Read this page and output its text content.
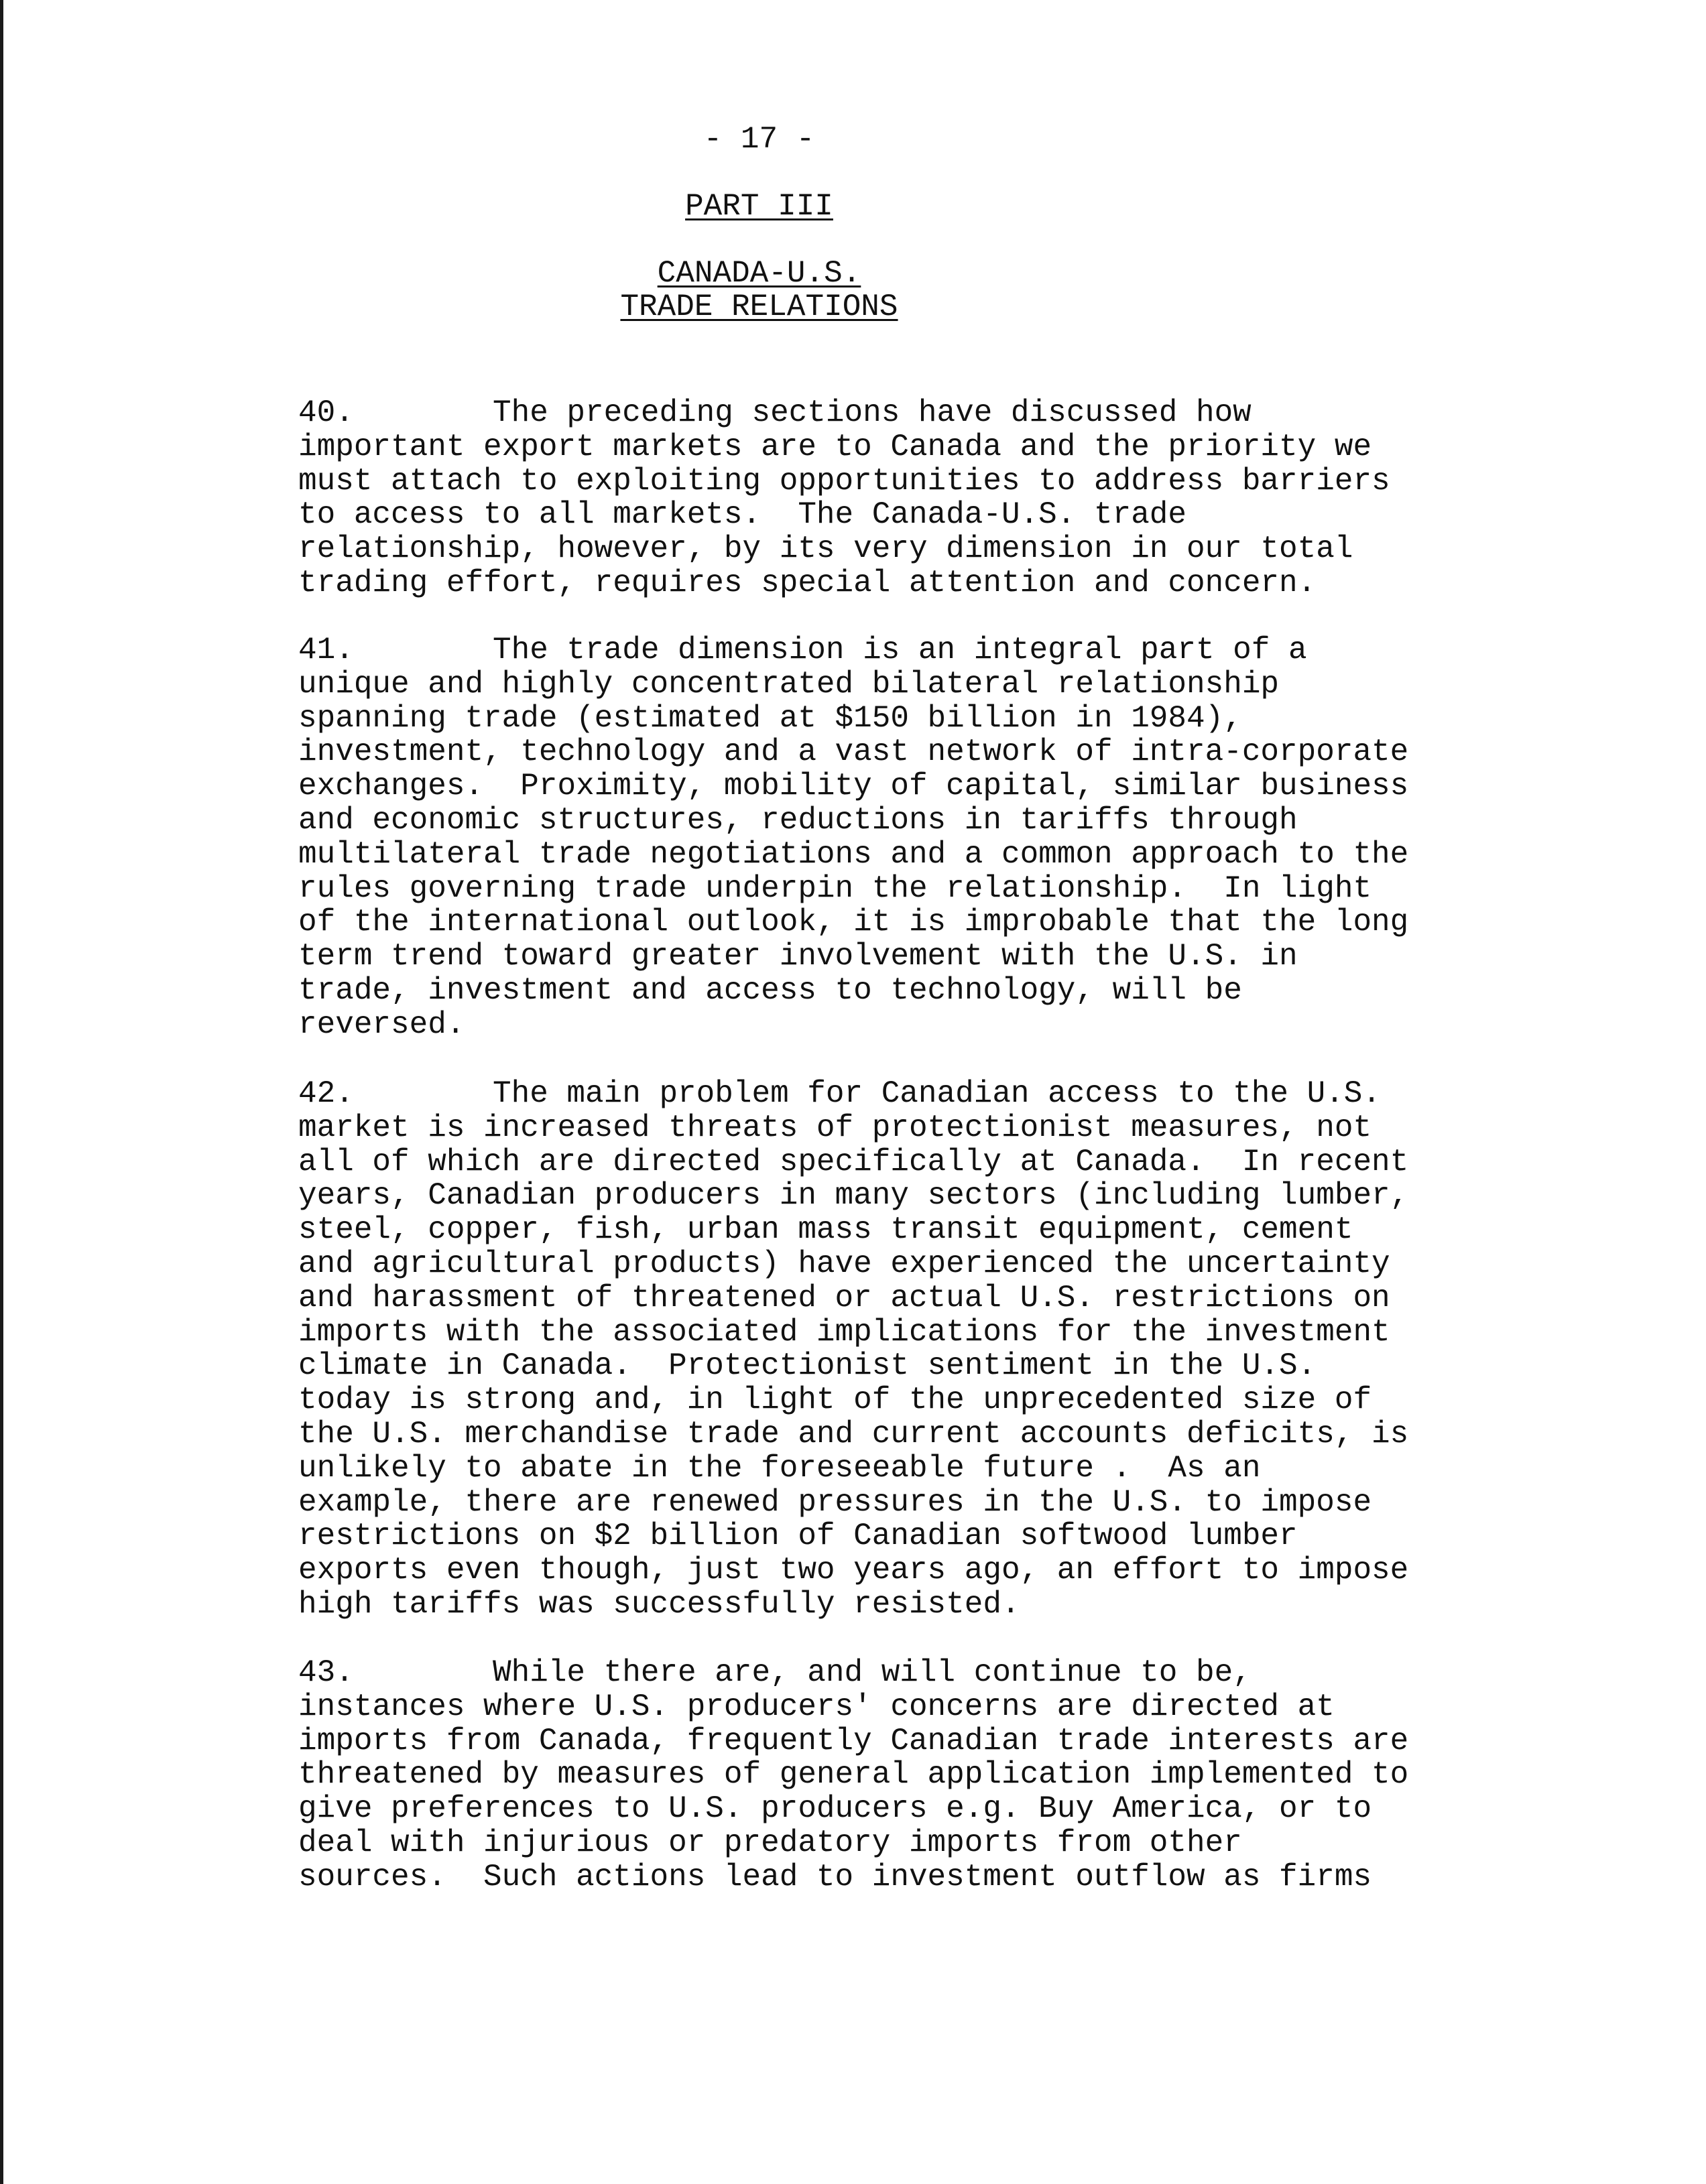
- 17 -
PART III
CANADA-U.S.
TRADE RELATIONS
40.	The preceding sections have discussed how
important export markets are to Canada and the priority we
must attach to exploiting opportunities to address barriers
to access to all markets.  The Canada-U.S. trade
relationship, however, by its very dimension in our total
trading effort, requires special attention and concern.
41.	The trade dimension is an integral part of a
unique and highly concentrated bilateral relationship
spanning trade (estimated at $150 billion in 1984),
investment, technology and a vast network of intra-corporate
exchanges.  Proximity, mobility of capital, similar business
and economic structures, reductions in tariffs through
multilateral trade negotiations and a common approach to the
rules governing trade underpin the relationship.  In light
of the international outlook, it is improbable that the long
term trend toward greater involvement with the U.S. in
trade, investment and access to technology, will be
reversed.
42.	The main problem for Canadian access to the U.S.
market is increased threats of protectionist measures, not
all of which are directed specifically at Canada.  In recent
years, Canadian producers in many sectors (including lumber,
steel, copper, fish, urban mass transit equipment, cement
and agricultural products) have experienced the uncertainty
and harassment of threatened or actual U.S. restrictions on
imports with the associated implications for the investment
climate in Canada.  Protectionist sentiment in the U.S.
today is strong and, in light of the unprecedented size of
the U.S. merchandise trade and current accounts deficits, is
unlikely to abate in the foreseeable future .  As an
example, there are renewed pressures in the U.S. to impose
restrictions on $2 billion of Canadian softwood lumber
exports even though, just two years ago, an effort to impose
high tariffs was successfully resisted.
43.	While there are, and will continue to be,
instances where U.S. producers' concerns are directed at
imports from Canada, frequently Canadian trade interests are
threatened by measures of general application implemented to
give preferences to U.S. producers e.g. Buy America, or to
deal with injurious or predatory imports from other
sources.  Such actions lead to investment outflow as firms
